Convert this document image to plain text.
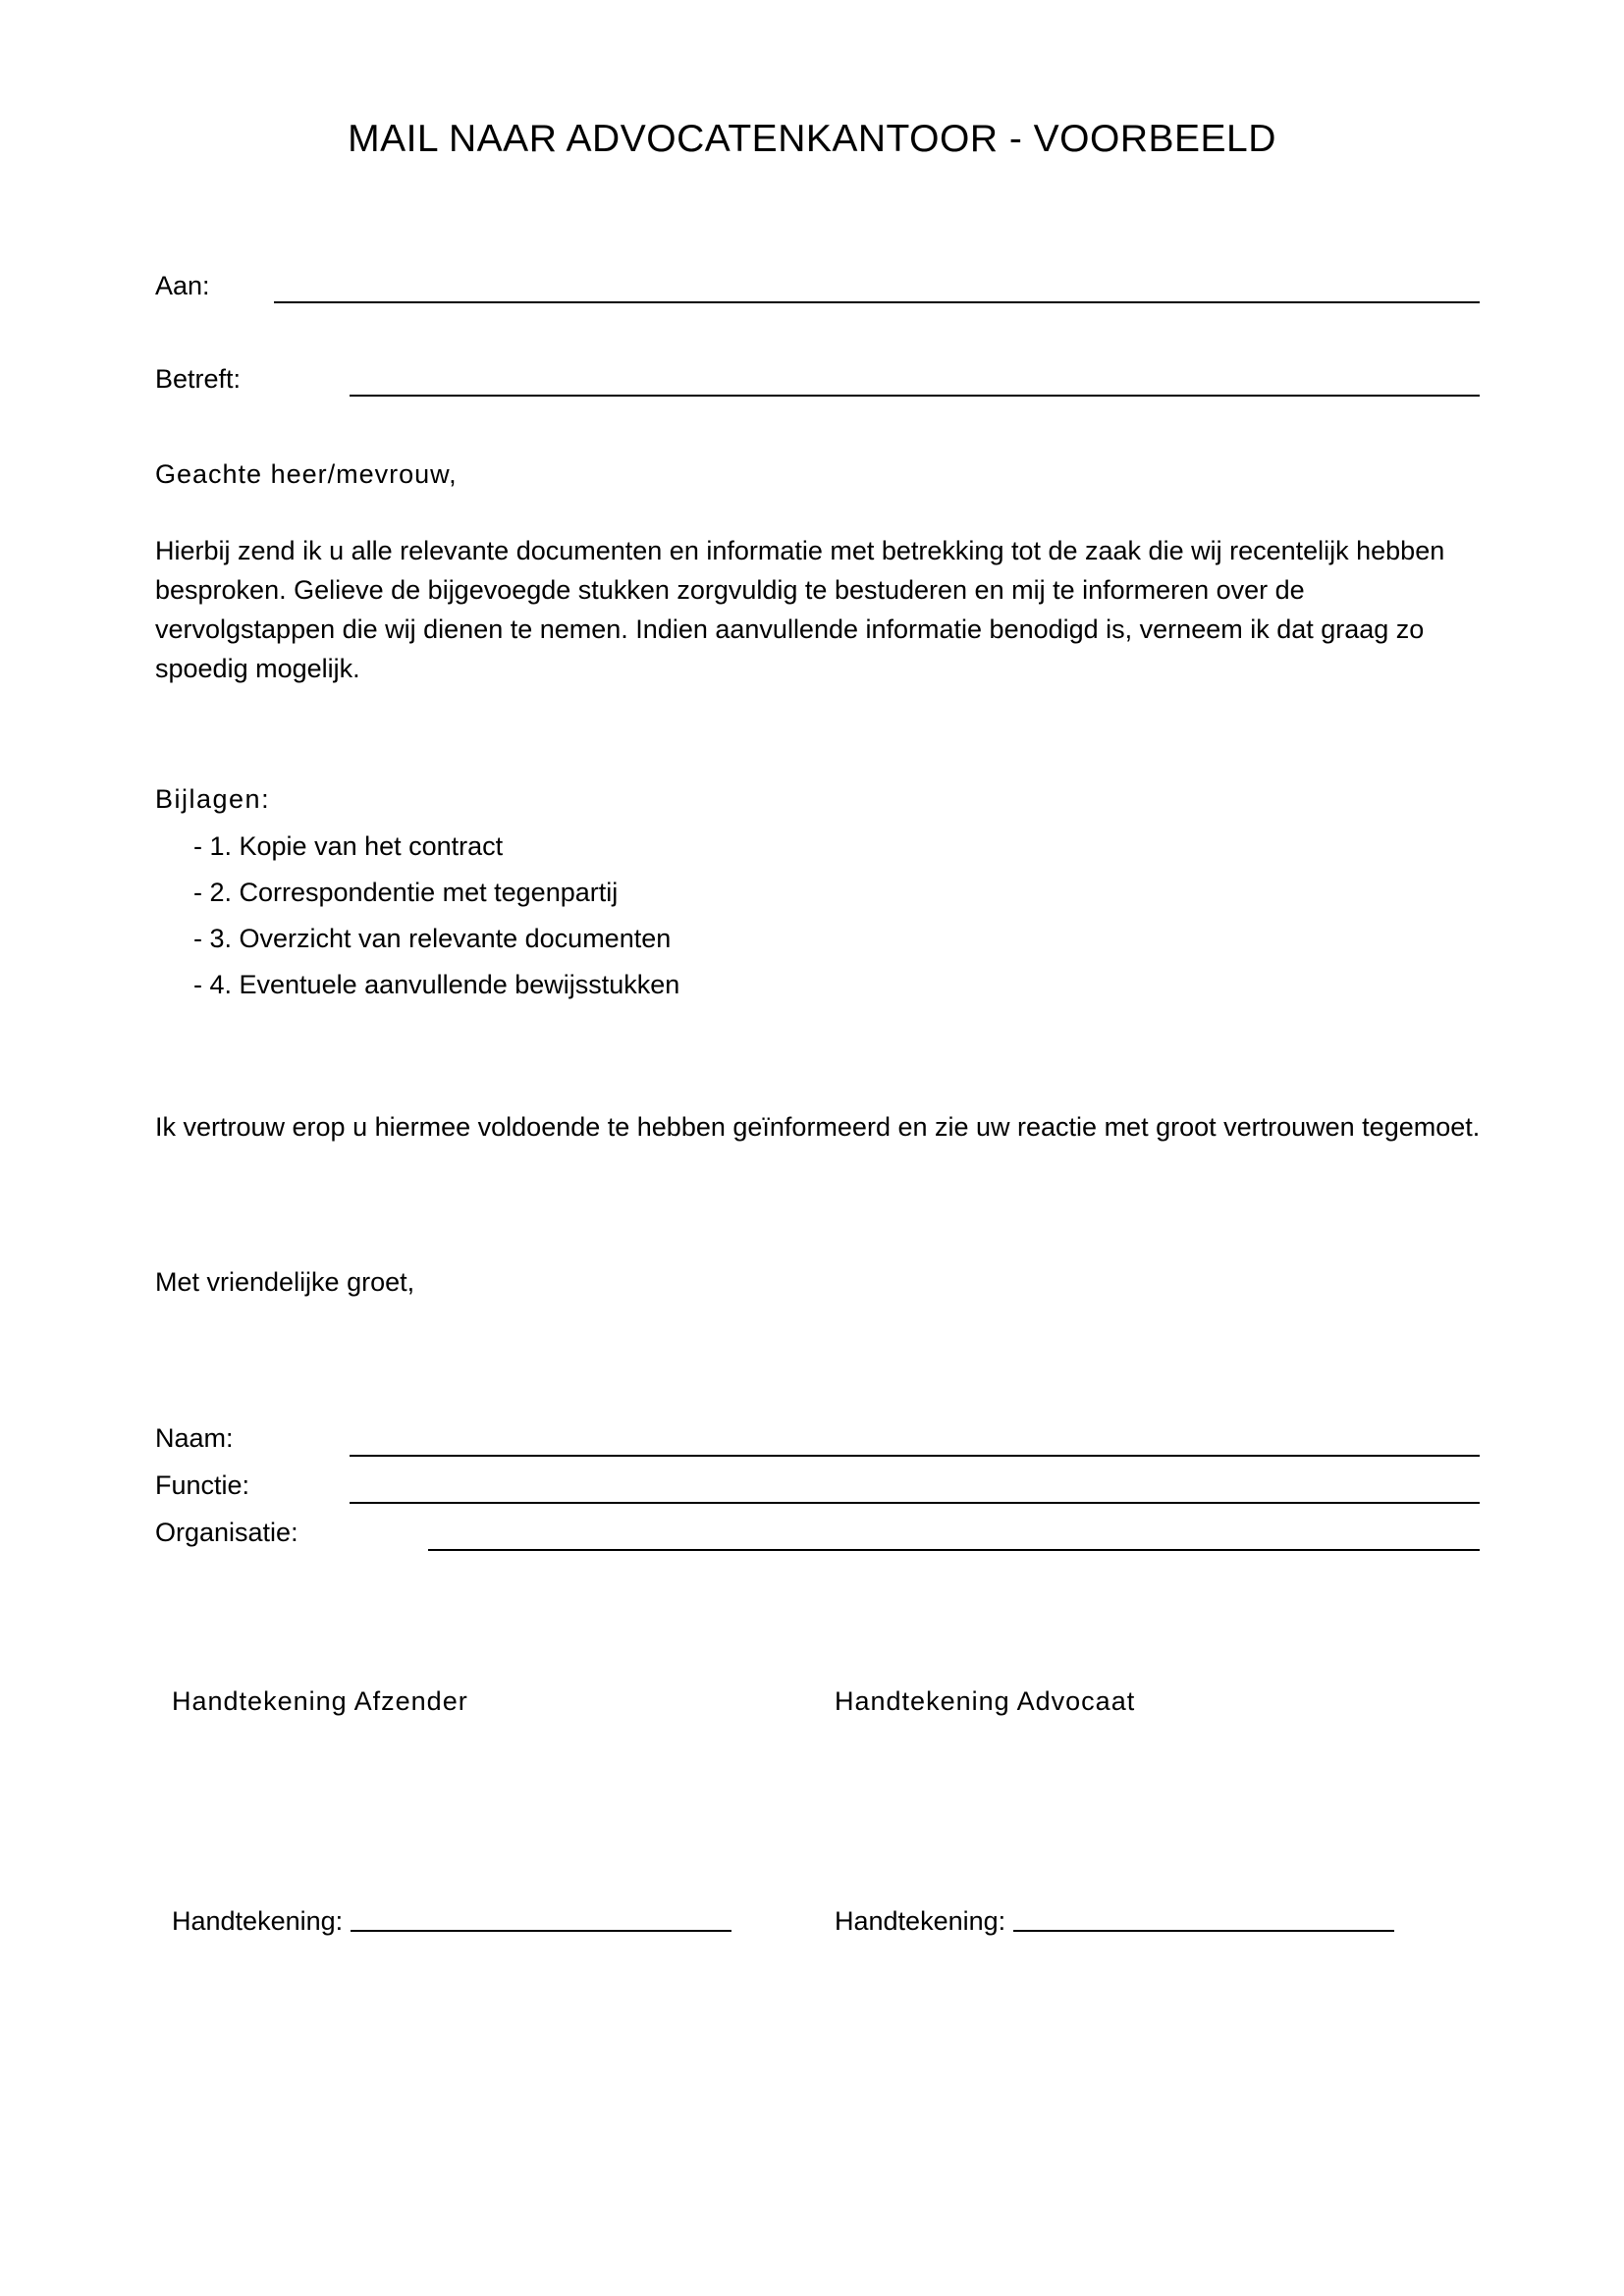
MAIL NAAR ADVOCATENKANTOOR - VOORBEELD
Aan:
Betreft:
Geachte heer/mevrouw,
Hierbij zend ik u alle relevante documenten en informatie met betrekking tot de zaak die wij recentelijk hebben besproken. Gelieve de bijgevoegde stukken zorgvuldig te bestuderen en mij te informeren over de vervolgstappen die wij dienen te nemen. Indien aanvullende informatie benodigd is, verneem ik dat graag zo spoedig mogelijk.
Bijlagen:
- 1. Kopie van het contract
- 2. Correspondentie met tegenpartij
- 3. Overzicht van relevante documenten
- 4. Eventuele aanvullende bewijsstukken
Ik vertrouw erop u hiermee voldoende te hebben geïnformeerd en zie uw reactie met groot vertrouwen tegemoet.
Met vriendelijke groet,
Naam:
Functie:
Organisatie:
Handtekening Afzender	Handtekening Advocaat
Handtekening:	Handtekening:
